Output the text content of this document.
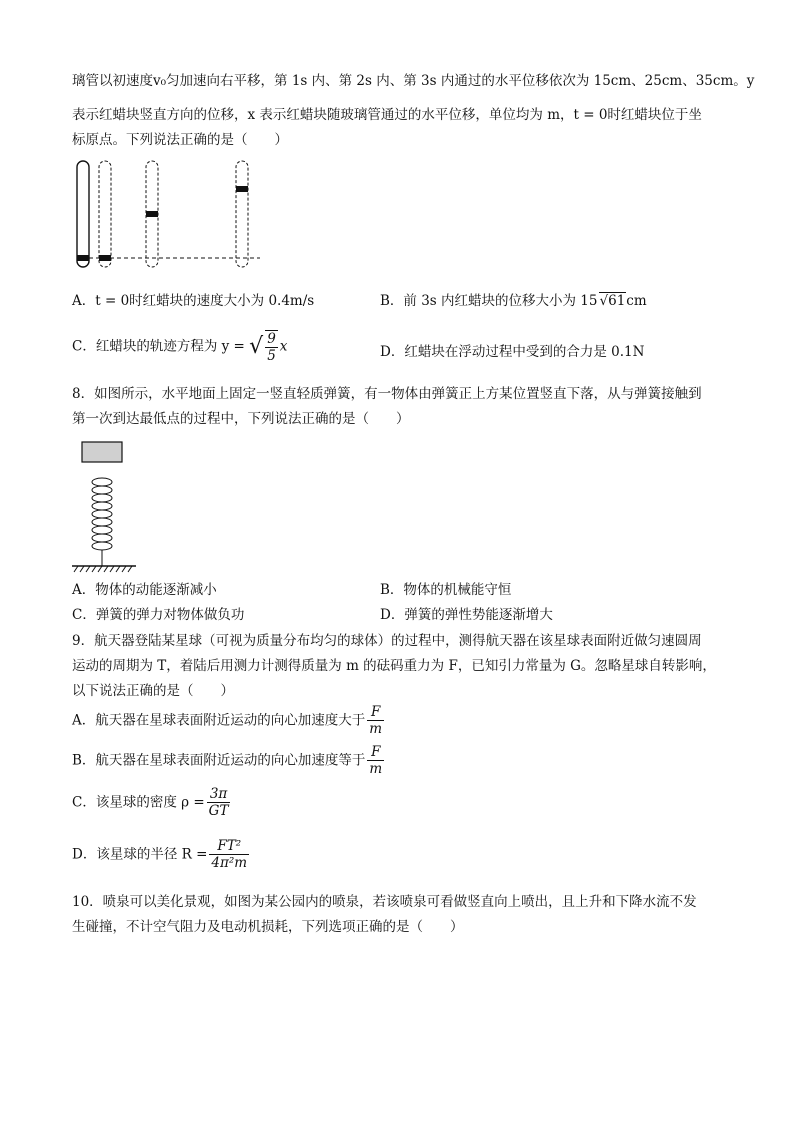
璃管以初速度v₀匀加速向右平移，第 1s 内、第 2s 内、第 3s 内通过的水平位移依次为 15cm、25cm、35cm。y
表示红蜡块竖直方向的位移，x 表示红蜡块随玻璃管通过的水平位移，单位均为 m，t = 0时红蜡块位于坐
标原点。下列说法正确的是（　　）
A．t = 0时红蜡块的速度大小为 0.4m/s	B．前 3s 内红蜡块的位移大小为 15 √61cm
C．红蜡块的轨迹方程为 y = √ $\frac{9}{5}$ x	D．红蜡块在浮动过程中受到的合力是 0.1N
8．如图所示，水平地面上固定一竖直轻质弹簧，有一物体由弹簧正上方某位置竖直下落，从与弹簧接触到
第一次到达最低点的过程中，下列说法正确的是（　　）
A．物体的动能逐渐减小	B．物体的机械能守恒
C．弹簧的弹力对物体做负功	D．弹簧的弹性势能逐渐增大
9．航天器登陆某星球（可视为质量分布均匀的球体）的过程中，测得航天器在该星球表面附近做匀速圆周
运动的周期为 T，着陆后用测力计测得质量为 m 的砝码重力为 F，已知引力常量为 G。忽略星球自转影响，
以下说法正确的是（　　）
A．航天器在星球表面附近运动的向心加速度大于 $\frac{F}{m}$
B．航天器在星球表面附近运动的向心加速度等于 $\frac{F}{m}$
C．该星球的密度 $\rho = \frac{3\pi}{GT}$
D．该星球的半径 $R = \frac{\text{FT²}}{\text{4π²m}}$
10．喷泉可以美化景观，如图为某公园内的喷泉，若该喷泉可看做竖直向上喷出，且上升和下降水流不发
生碰撞，不计空气阻力及电动机损耗，下列选项正确的是（　　）
